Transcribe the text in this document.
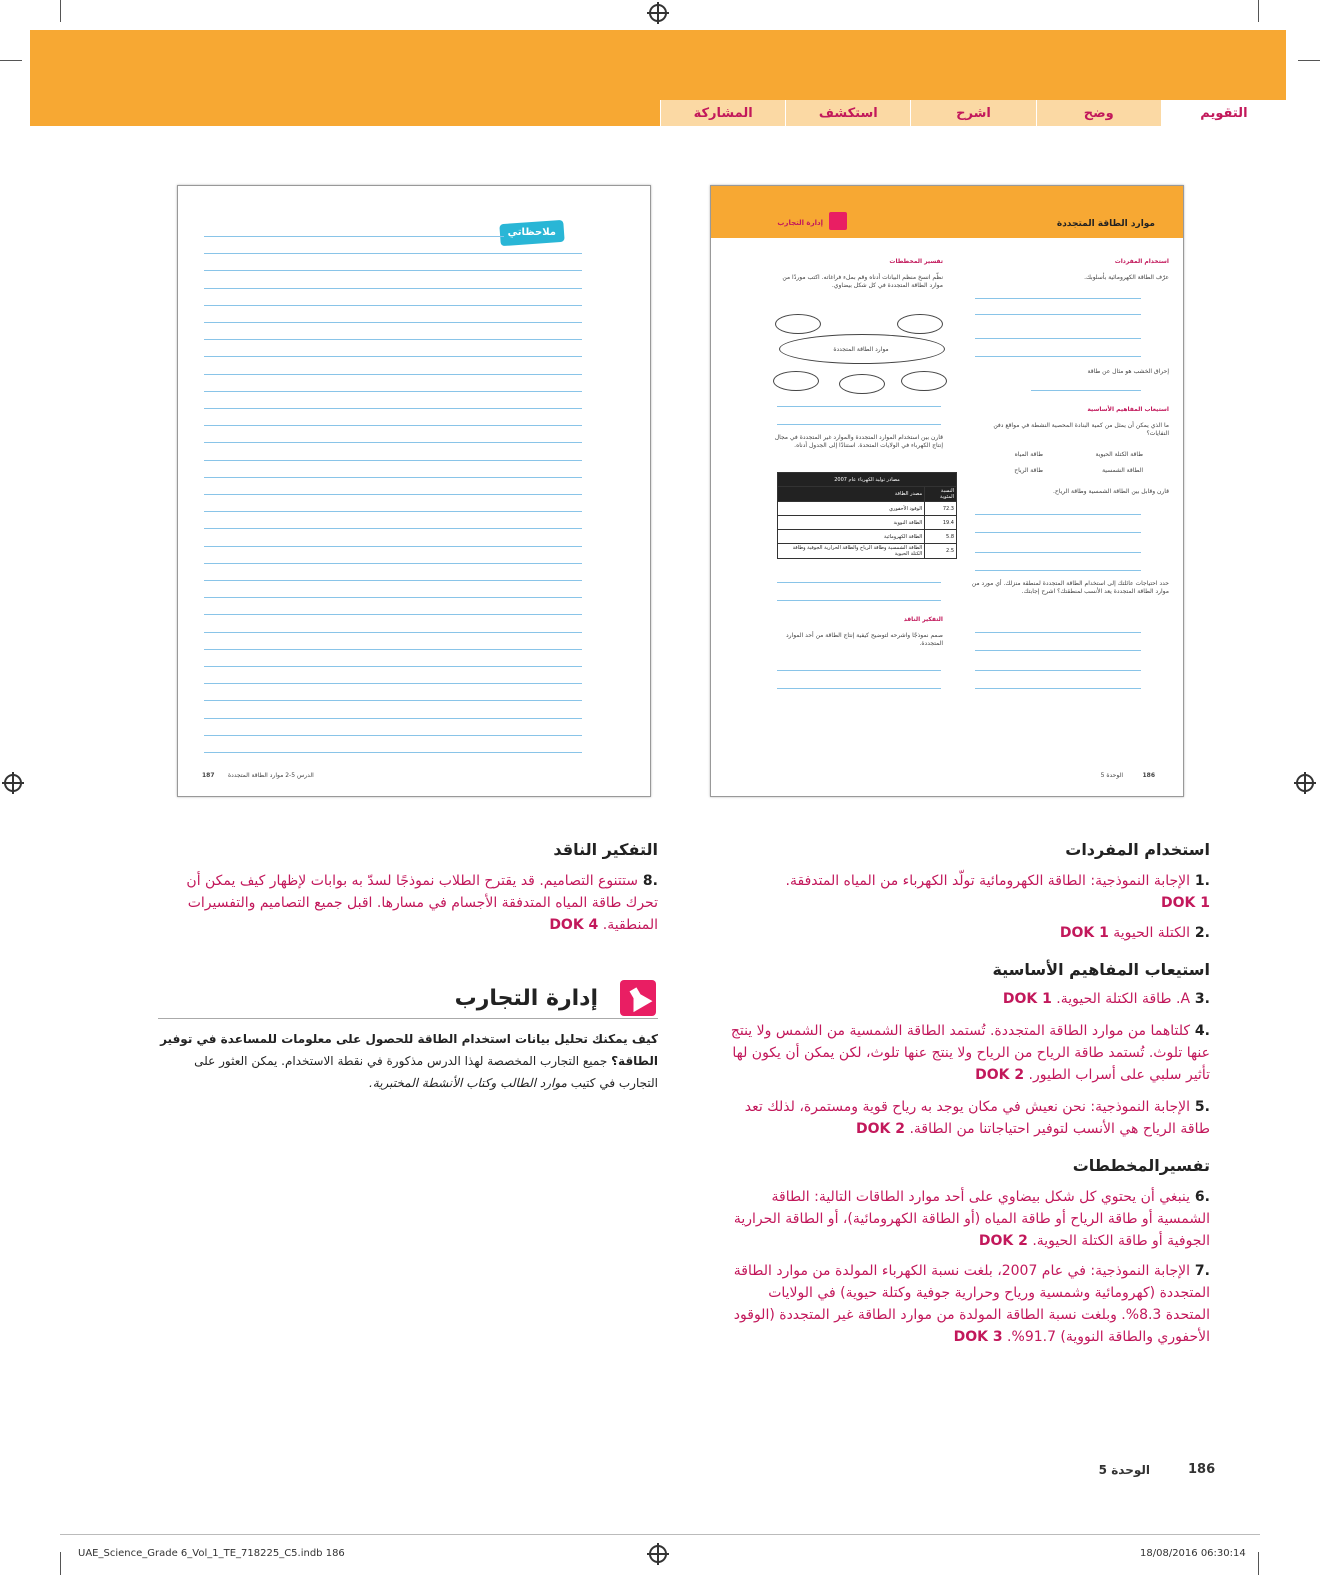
المشاركة	استكشف	اشرح	وضح	التقويم
موارد الطاقة المتجددة
إدارة التجارب
استخدام المفردات
عرّف الطاقة الكهرومائية بأسلوبك.
إحراق الخشب هو مثال عن طاقة
استيعاب المفاهيم الأساسية
ما الذي يمكن أن يمثل من كمية البنادة المحصية النشطة في مواقع دفن النفايات؟
طاقة الكتلة الحيوية
الطاقة الشمسية
طاقة المياه
طاقة الرياح
قارن وقابل بين الطاقة الشمسية وطاقة الرياح.
حدد احتياجات عائلتك إلى استخدام الطاقة المتجددة لمنطقة منزلك. أي مورد من موارد الطاقة المتجددة يعد الأنسب لمنطقتك؟ اشرح إجابتك.
تفسير المخططات
نظّم انسخ منظم البيانات أدناه وقم بملء فراغاته. اكتب موردًا من موارد الطاقة المتجددة في كل شكل بيضاوي.
موارد الطاقة المتجددة
قارن بين استخدام الموارد المتجددة والموارد غير المتجددة في مجال إنتاج الكهرباء في الولايات المتحدة. استنادًا إلى الجدول أدناه.
مصادر توليد الكهرباء عام 2007	
النسبة المئوية	مصدر الطاقة
72.3	الوقود الأحفوري
19.4	الطاقة النووية
5.8	الطاقة الكهرومائية
2.5	الطاقة الشمسية وطاقة الرياح والطاقة الحرارية الجوفية وطاقة الكتلة الحيوية
التفكير الناقد
صمم نموذجًا واشرحه لتوضيح كيفية إنتاج الطاقة من أحد الموارد المتجددة.
186
الوحدة 5
ملاحظاتي
187 الدرس 5-2 موارد الطاقة المتجددة
استخدام المفردات
.1 الإجابة النموذجية: الطاقة الكهرومائية تولّد الكهرباء من المياه المتدفقة.
DOK 1
.2 الكتلة الحيوية DOK 1
استيعاب المفاهيم الأساسية
.3 A. طاقة الكتلة الحيوية. DOK 1
.4 كلتاهما من موارد الطاقة المتجددة. تُستمد الطاقة الشمسية من الشمس ولا ينتج عنها تلوث. تُستمد طاقة الرياح من الرياح ولا ينتج عنها تلوث، لكن يمكن أن يكون لها تأثير سلبي على أسراب الطيور. DOK 2
.5 الإجابة النموذجية: نحن نعيش في مكان يوجد به رياح قوية ومستمرة، لذلك تعد طاقة الرياح هي الأنسب لتوفير احتياجاتنا من الطاقة. DOK 2
تفسيرالمخططات
.6 ينبغي أن يحتوي كل شكل بيضاوي على أحد موارد الطاقات التالية: الطاقة الشمسية أو طاقة الرياح أو طاقة المياه (أو الطاقة الكهرومائية)، أو الطاقة الحرارية الجوفية أو طاقة الكتلة الحيوية. DOK 2
.7 الإجابة النموذجية: في عام 2007، بلغت نسبة الكهرباء المولدة من موارد الطاقة المتجددة (كهرومائية وشمسية ورياح وحرارية جوفية وكتلة حيوية) في الولايات المتحدة 8.3%. وبلغت نسبة الطاقة المولدة من موارد الطاقة غير المتجددة (الوقود الأحفوري والطاقة النووية) 91.7%. DOK 3
التفكير الناقد
.8 ستتنوع التصاميم. قد يقترح الطلاب نموذجًا لسدّ به بوابات لإظهار كيف يمكن أن تحرك طاقة المياه المتدفقة الأجسام في مسارها. اقبل جميع التصاميم والتفسيرات المنطقية. DOK 4
إدارة التجارب
كيف يمكنك تحليل بيانات استخدام الطاقة للحصول على معلومات للمساعدة في توفير الطاقة؟ جميع التجارب المخصصة لهذا الدرس مذكورة في نقطة الاستخدام. يمكن العثور على التجارب في كتيب موارد الطالب وكتاب الأنشطة المختبرية.
186
الوحدة 5
UAE_Science_Grade 6_Vol_1_TE_718225_C5.indb 186	18/08/2016 06:30:14
